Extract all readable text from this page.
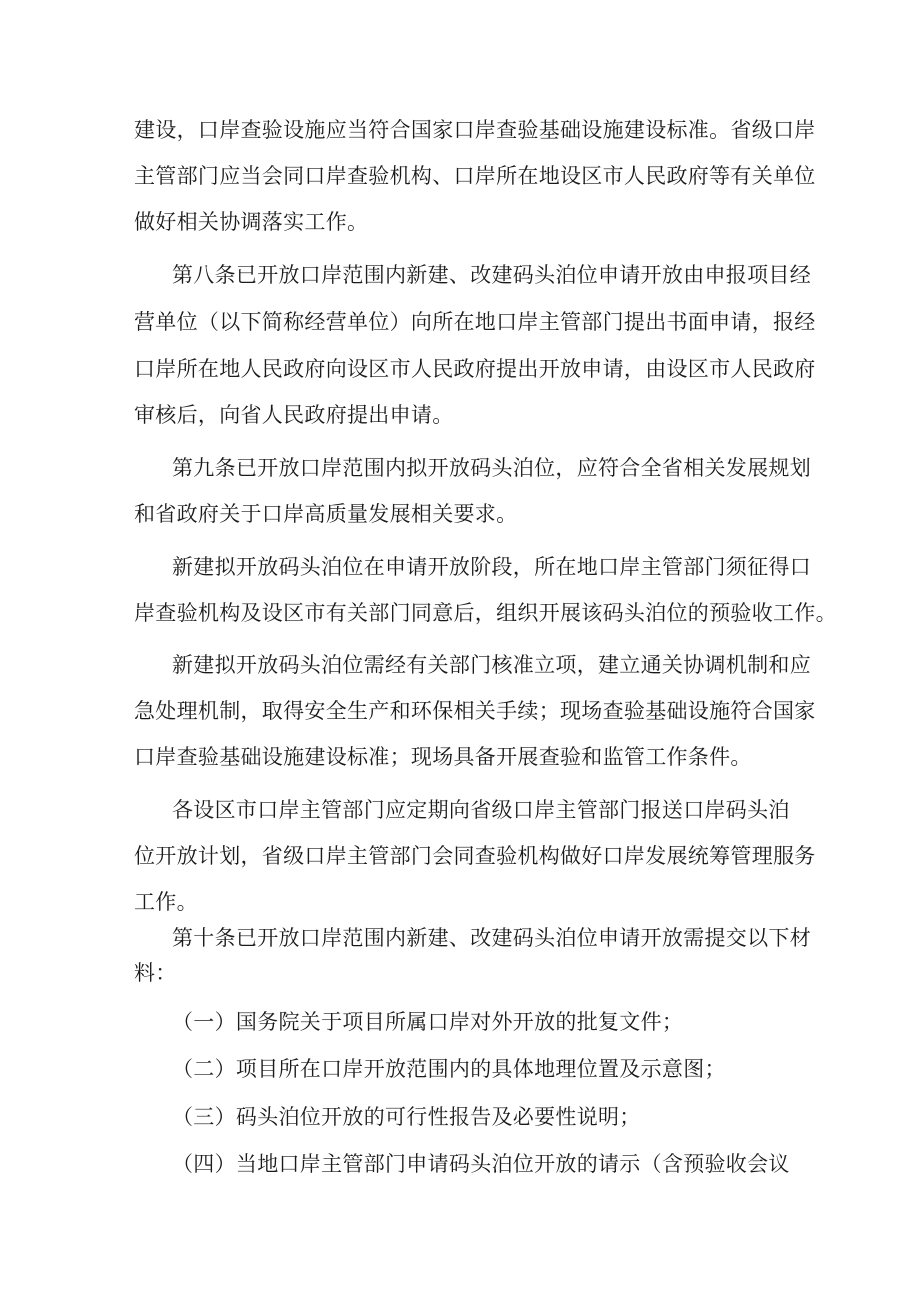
建设，口岸查验设施应当符合国家口岸查验基础设施建设标准。省级口岸
主管部门应当会同口岸查验机构、口岸所在地设区市人民政府等有关单位
做好相关协调落实工作。
第八条已开放口岸范围内新建、改建码头泊位申请开放由申报项目经
营单位（以下简称经营单位）向所在地口岸主管部门提出书面申请，报经
口岸所在地人民政府向设区市人民政府提出开放申请，由设区市人民政府
审核后，向省人民政府提出申请。
第九条已开放口岸范围内拟开放码头泊位，应符合全省相关发展规划
和省政府关于口岸高质量发展相关要求。
新建拟开放码头泊位在申请开放阶段，所在地口岸主管部门须征得口
岸查验机构及设区市有关部门同意后，组织开展该码头泊位的预验收工作。
新建拟开放码头泊位需经有关部门核准立项，建立通关协调机制和应
急处理机制，取得安全生产和环保相关手续；现场查验基础设施符合国家
口岸查验基础设施建设标准；现场具备开展查验和监管工作条件。
各设区市口岸主管部门应定期向省级口岸主管部门报送口岸码头泊
位开放计划，省级口岸主管部门会同查验机构做好口岸发展统筹管理服务
工作。
第十条已开放口岸范围内新建、改建码头泊位申请开放需提交以下材
料：
（一）国务院关于项目所属口岸对外开放的批复文件；
（二）项目所在口岸开放范围内的具体地理位置及示意图；
（三）码头泊位开放的可行性报告及必要性说明；
（四）当地口岸主管部门申请码头泊位开放的请示（含预验收会议
